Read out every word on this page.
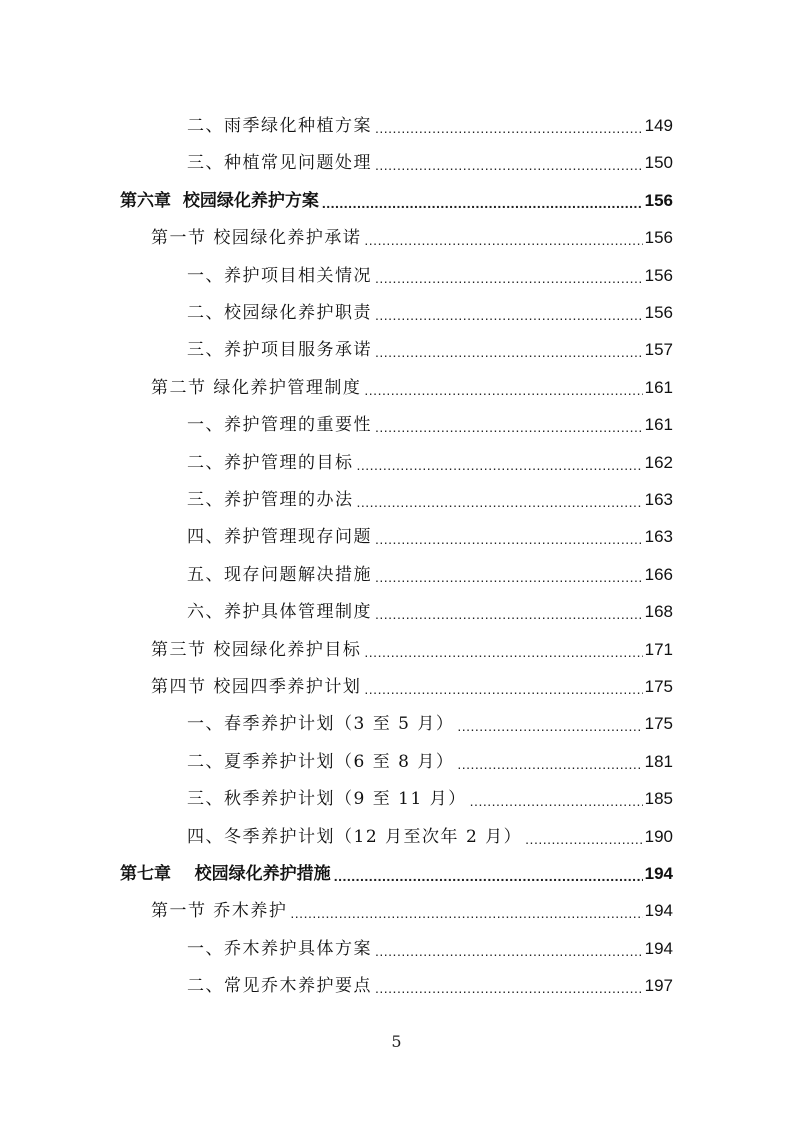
二、雨季绿化种植方案 .....	149
三、种植常见问题处理 .....	150
第六章  校园绿化养护方案 .....	156
第一节 校园绿化养护承诺 .....	156
一、养护项目相关情况 .....	156
二、校园绿化养护职责 .....	156
三、养护项目服务承诺 .....	157
第二节 绿化养护管理制度 .....	161
一、养护管理的重要性 .....	161
二、养护管理的目标 .....	162
三、养护管理的办法 .....	163
四、养护管理现存问题 .....	163
五、现存问题解决措施 .....	166
六、养护具体管理制度 .....	168
第三节 校园绿化养护目标 .....	171
第四节 校园四季养护计划 .....	175
一、春季养护计划（3 至 5 月） .....	175
二、夏季养护计划（6 至 8 月） .....	181
三、秋季养护计划（9 至 11 月） .....	185
四、冬季养护计划（12 月至次年 2 月） .....	190
第七章    校园绿化养护措施 .....	194
第一节 乔木养护 .....	194
一、乔木养护具体方案 .....	194
二、常见乔木养护要点 .....	197
5
